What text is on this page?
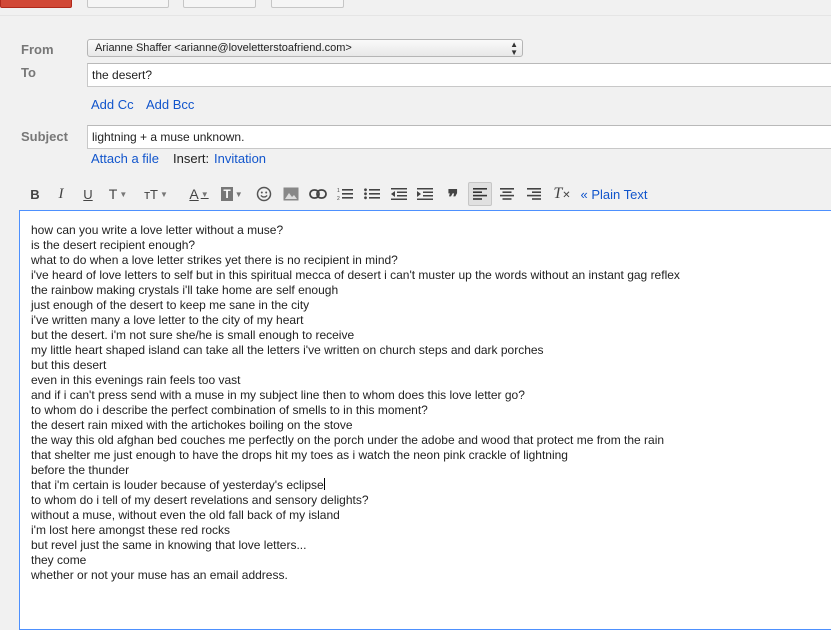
From	Arianne Shaffer <arianne@loveletterstoafriend.com>	▲
▼
To	the desert?
Add Cc Add Bcc
Subject	lightning + a muse unknown.
Attach a file Insert: Invitation
B I U T ▼ тT ▼ A ▼ T ▼	1
2	❞	T✕ « Plain Text
how can you write a love letter without a muse?
is the desert recipient enough?
what to do when a love letter strikes yet there is no recipient in mind?
i've heard of love letters to self but in this spiritual mecca of desert i can't muster up the words without an instant gag reflex
the rainbow making crystals i'll take home are self enough
just enough of the desert to keep me sane in the city
i've written many a love letter to the city of my heart
but the desert. i'm not sure she/he is small enough to receive
my little heart shaped island can take all the letters i've written on church steps and dark porches
but this desert
even in this evenings rain feels too vast
and if i can't press send with a muse in my subject line then to whom does this love letter go?
to whom do i describe the perfect combination of smells to in this moment?
the desert rain mixed with the artichokes boiling on the stove
the way this old afghan bed couches me perfectly on the porch under the adobe and wood that protect me from the rain
that shelter me just enough to have the drops hit my toes as i watch the neon pink crackle of lightning
before the thunder
that i'm certain is louder because of yesterday's eclipse
to whom do i tell of my desert revelations and sensory delights?
without a muse, without even the old fall back of my island
i'm lost here amongst these red rocks
but revel just the same in knowing that love letters...
they come
whether or not your muse has an email address.
